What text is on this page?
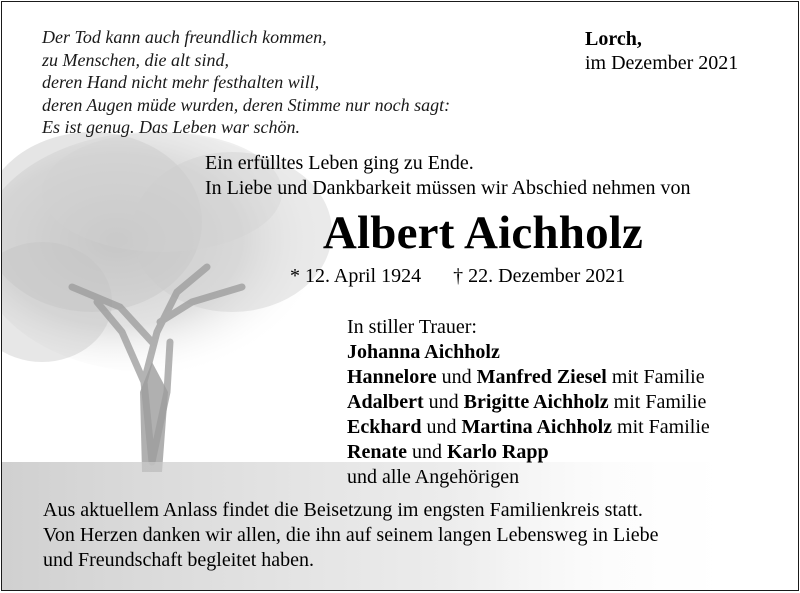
Der Tod kann auch freundlich kommen,
zu Menschen, die alt sind,
deren Hand nicht mehr festhalten will,
deren Augen müde wurden, deren Stimme nur noch sagt:
Es ist genug. Das Leben war schön.
Lorch,
im Dezember 2021
Ein erfülltes Leben ging zu Ende.
In Liebe und Dankbarkeit müssen wir Abschied nehmen von
Albert Aichholz
* 12. April 1924 † 22. Dezember 2021
In stiller Trauer:
Johanna Aichholz
Hannelore und Manfred Ziesel mit Familie
Adalbert und Brigitte Aichholz mit Familie
Eckhard und Martina Aichholz mit Familie
Renate und Karlo Rapp
und alle Angehörigen
Aus aktuellem Anlass findet die Beisetzung im engsten Familienkreis statt.
Von Herzen danken wir allen, die ihn auf seinem langen Lebensweg in Liebe
und Freundschaft begleitet haben.
